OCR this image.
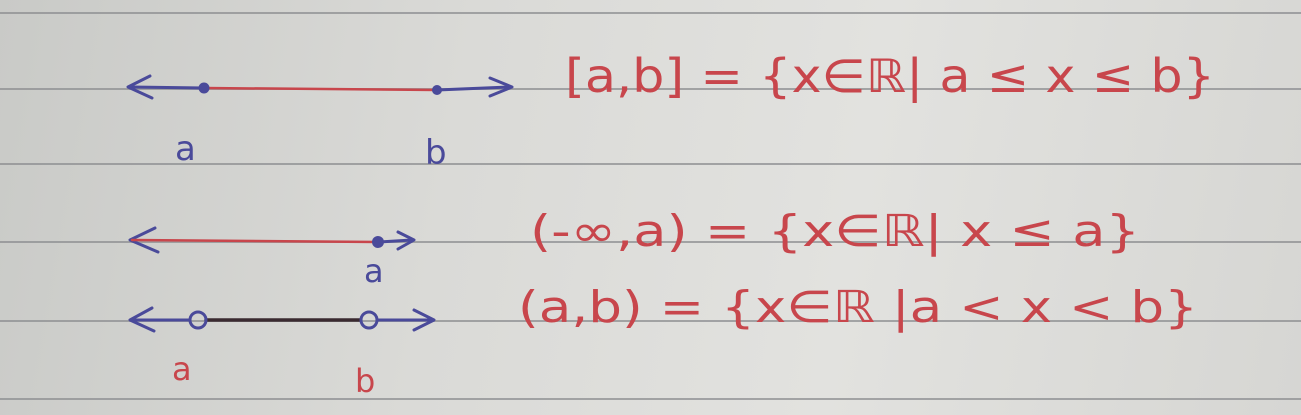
a	b
a
a	b
[a,b] = {x∈ℝ| a ≤ x ≤ b}
(-∞,a) = {x∈ℝ| x ≤ a}
(a,b) = {x∈ℝ |a < x < b}
